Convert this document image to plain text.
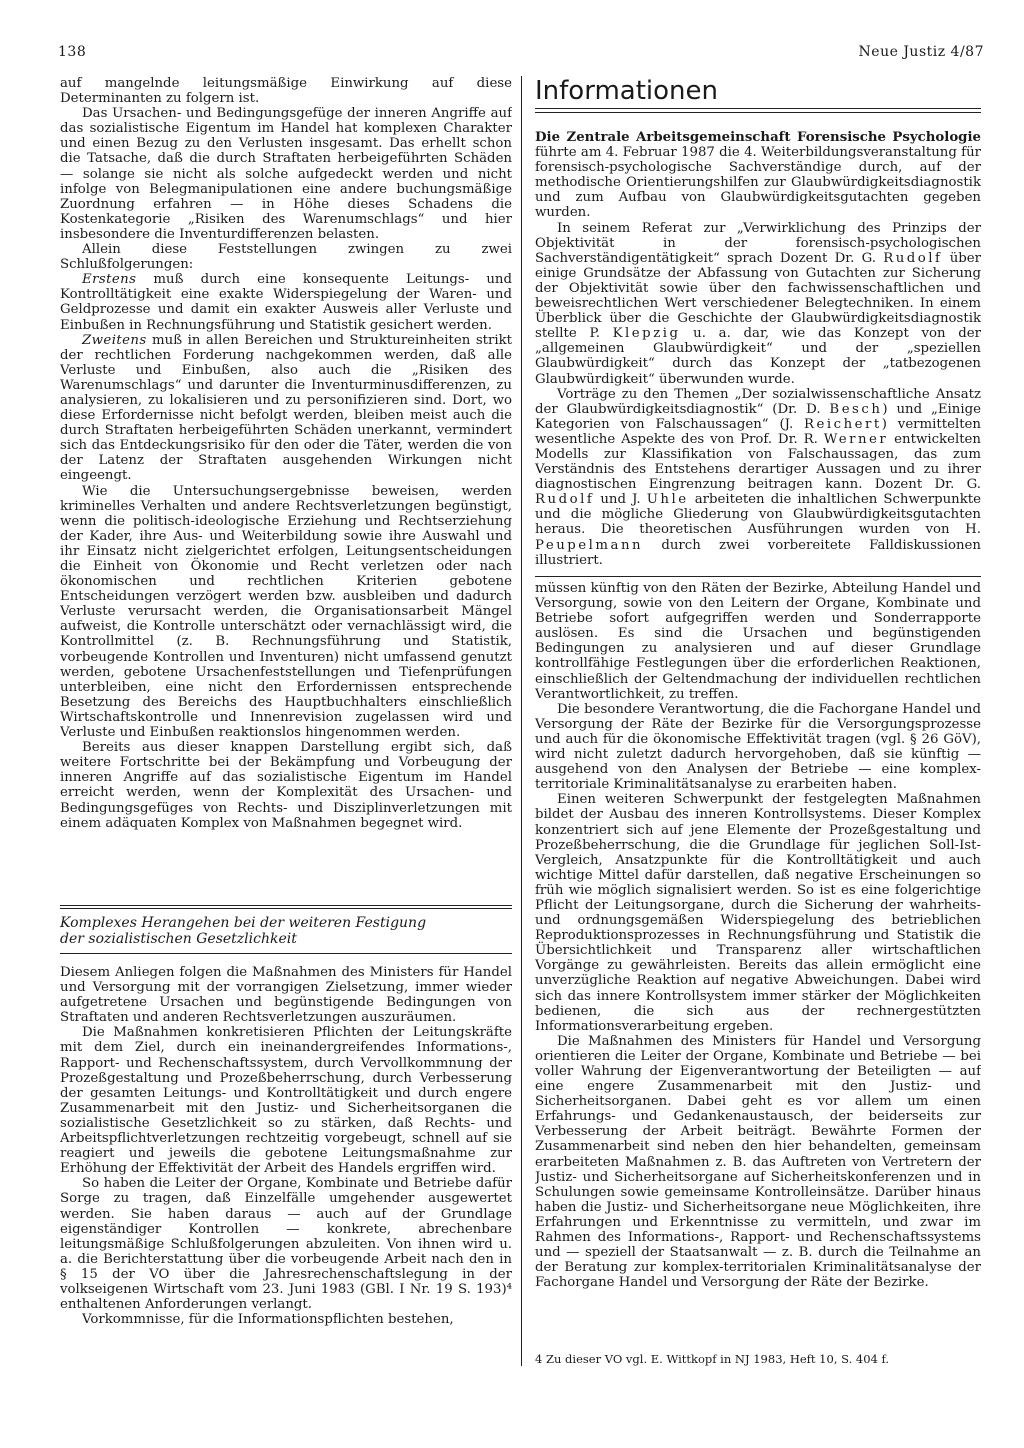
138	Neue Justiz 4/87

auf mangelnde leitungsmäßige Einwirkung auf diese Determinanten zu folgern ist.

Das Ursachen- und Bedingungsgefüge der inneren Angriffe auf das sozialistische Eigentum im Handel hat komplexen Charakter und einen Bezug zu den Verlusten insgesamt. Das erhellt schon die Tatsache, daß die durch Straftaten herbeigeführten Schäden — solange sie nicht als solche aufgedeckt werden und nicht infolge von Belegmanipulationen eine andere buchungsmäßige Zuordnung erfahren — in Höhe dieses Schadens die Kostenkategorie „Risiken des Warenumschlags“ und hier insbesondere die Inventurdifferenzen belasten.

Allein diese Feststellungen zwingen zu zwei Schlußfolgerungen:

Erstens muß durch eine konsequente Leitungs- und Kontrolltätigkeit eine exakte Widerspiegelung der Waren- und Geldprozesse und damit ein exakter Ausweis aller Verluste und Einbußen in Rechnungsführung und Statistik gesichert werden.

Zweitens muß in allen Bereichen und Struktureinheiten strikt der rechtlichen Forderung nachgekommen werden, daß alle Verluste und Einbußen, also auch die „Risiken des Warenumschlags“ und darunter die Inventurminusdifferenzen, zu analysieren, zu lokalisieren und zu personifizieren sind. Dort, wo diese Erfordernisse nicht befolgt werden, bleiben meist auch die durch Straftaten herbeigeführten Schäden unerkannt, vermindert sich das Entdeckungsrisiko für den oder die Täter, werden die von der Latenz der Straftaten ausgehenden Wirkungen nicht eingeengt.

Wie die Untersuchungsergebnisse beweisen, werden kriminelles Verhalten und andere Rechtsverletzungen begünstigt, wenn die politisch-ideologische Erziehung und Rechtserziehung der Kader, ihre Aus- und Weiterbildung sowie ihre Auswahl und ihr Einsatz nicht zielgerichtet erfolgen, Leitungsentscheidungen die Einheit von Ökonomie und Recht verletzen oder nach ökonomischen und rechtlichen Kriterien gebotene Entscheidungen verzögert werden bzw. ausbleiben und dadurch Verluste verursacht werden, die Organisationsarbeit Mängel aufweist, die Kontrolle unterschätzt oder vernachlässigt wird, die Kontrollmittel (z. B. Rechnungsführung und Statistik, vorbeugende Kontrollen und Inventuren) nicht umfassend genutzt werden, gebotene Ursachenfeststellungen und Tiefenprüfungen unterbleiben, eine nicht den Erfordernissen entsprechende Besetzung des Bereichs des Hauptbuchhalters einschließlich Wirtschaftskontrolle und Innenrevision zugelassen wird und Verluste und Einbußen reaktionslos hingenommen werden.

Bereits aus dieser knappen Darstellung ergibt sich, daß weitere Fortschritte bei der Bekämpfung und Vorbeugung der inneren Angriffe auf das sozialistische Eigentum im Handel erreicht werden, wenn der Komplexität des Ursachen- und Bedingungsgefüges von Rechts- und Disziplinverletzungen mit einem adäquaten Komplex von Maßnahmen begegnet wird.

Komplexes Herangehen bei der weiteren Festigung
der sozialistischen Gesetzlichkeit

Diesem Anliegen folgen die Maßnahmen des Ministers für Handel und Versorgung mit der vorrangigen Zielsetzung, immer wieder aufgetretene Ursachen und begünstigende Bedingungen von Straftaten und anderen Rechtsverletzungen auszuräumen.

Die Maßnahmen konkretisieren Pflichten der Leitungskräfte mit dem Ziel, durch ein ineinandergreifendes Informations-, Rapport- und Rechenschaftssystem, durch Vervollkommnung der Prozeßgestaltung und Prozeßbeherrschung, durch Verbesserung der gesamten Leitungs- und Kontrolltätigkeit und durch engere Zusammenarbeit mit den Justiz- und Sicherheitsorganen die sozialistische Gesetzlichkeit so zu stärken, daß Rechts- und Arbeitspflichtverletzungen rechtzeitig vorgebeugt, schnell auf sie reagiert und jeweils die gebotene Leitungsmaßnahme zur Erhöhung der Effektivität der Arbeit des Handels ergriffen wird.

So haben die Leiter der Organe, Kombinate und Betriebe dafür Sorge zu tragen, daß Einzelfälle umgehender ausgewertet werden. Sie haben daraus — auch auf der Grundlage eigenständiger Kontrollen — konkrete, abrechenbare leitungsmäßige Schlußfolgerungen abzuleiten. Von ihnen wird u. a. die Berichterstattung über die vorbeugende Arbeit nach den in § 15 der VO über die Jahresrechenschaftslegung in der volkseigenen Wirtschaft vom 23. Juni 1983 (GBl. I Nr. 19 S. 193)⁴ enthaltenen Anforderungen verlangt.

Vorkommnisse, für die Informationspflichten bestehen,

Informationen

Die Zentrale Arbeitsgemeinschaft Forensische Psychologie führte am 4. Februar 1987 die 4. Weiterbildungsveranstaltung für forensisch-psychologische Sachverständige durch, auf der methodische Orientierungshilfen zur Glaubwürdigkeitsdiagnostik und zum Aufbau von Glaubwürdigkeitsgutachten gegeben wurden.

In seinem Referat zur „Verwirklichung des Prinzips der Objektivität in der forensisch-psychologischen Sachverständigentätigkeit“ sprach Dozent Dr. G. Rudolf über einige Grundsätze der Abfassung von Gutachten zur Sicherung der Objektivität sowie über den fachwissenschaftlichen und beweisrechtlichen Wert verschiedener Belegtechniken. In einem Überblick über die Geschichte der Glaubwürdigkeitsdiagnostik stellte P. Klepzig u. a. dar, wie das Konzept von der „allgemeinen Glaubwürdigkeit“ und der „speziellen Glaubwürdigkeit“ durch das Konzept der „tatbezogenen Glaubwürdigkeit“ überwunden wurde.

Vorträge zu den Themen „Der sozialwissenschaftliche Ansatz der Glaubwürdigkeitsdiagnostik“ (Dr. D. Besch) und „Einige Kategorien von Falschaussagen“ (J. Reichert) vermittelten wesentliche Aspekte des von Prof. Dr. R. Werner entwickelten Modells zur Klassifikation von Falschaussagen, das zum Verständnis des Entstehens derartiger Aussagen und zu ihrer diagnostischen Eingrenzung beitragen kann. Dozent Dr. G. Rudolf und J. Uhle arbeiteten die inhaltlichen Schwerpunkte und die mögliche Gliederung von Glaubwürdigkeitsgutachten heraus. Die theoretischen Ausführungen wurden von H. Peupelmann durch zwei vorbereitete Falldiskussionen illustriert.

müssen künftig von den Räten der Bezirke, Abteilung Handel und Versorgung, sowie von den Leitern der Organe, Kombinate und Betriebe sofort aufgegriffen werden und Sonderrapporte auslösen. Es sind die Ursachen und begünstigenden Bedingungen zu analysieren und auf dieser Grundlage kontrollfähige Festlegungen über die erforderlichen Reaktionen, einschließlich der Geltendmachung der individuellen rechtlichen Verantwortlichkeit, zu treffen.

Die besondere Verantwortung, die die Fachorgane Handel und Versorgung der Räte der Bezirke für die Versorgungsprozesse und auch für die ökonomische Effektivität tragen (vgl. § 26 GöV), wird nicht zuletzt dadurch hervorgehoben, daß sie künftig — ausgehend von den Analysen der Betriebe — eine komplex-territoriale Kriminalitätsanalyse zu erarbeiten haben.

Einen weiteren Schwerpunkt der festgelegten Maßnahmen bildet der Ausbau des inneren Kontrollsystems. Dieser Komplex konzentriert sich auf jene Elemente der Prozeßgestaltung und Prozeßbeherrschung, die die Grundlage für jeglichen Soll-Ist-Vergleich, Ansatzpunkte für die Kontrolltätigkeit und auch wichtige Mittel dafür darstellen, daß negative Erscheinungen so früh wie möglich signalisiert werden. So ist es eine folgerichtige Pflicht der Leitungsorgane, durch die Sicherung der wahrheits- und ordnungsgemäßen Widerspiegelung des betrieblichen Reproduktionsprozesses in Rechnungsführung und Statistik die Übersichtlichkeit und Transparenz aller wirtschaftlichen Vorgänge zu gewährleisten. Bereits das allein ermöglicht eine unverzügliche Reaktion auf negative Abweichungen. Dabei wird sich das innere Kontrollsystem immer stärker der Möglichkeiten bedienen, die sich aus der rechnergestützten Informationsverarbeitung ergeben.

Die Maßnahmen des Ministers für Handel und Versorgung orientieren die Leiter der Organe, Kombinate und Betriebe — bei voller Wahrung der Eigenverantwortung der Beteiligten — auf eine engere Zusammenarbeit mit den Justiz- und Sicherheitsorganen. Dabei geht es vor allem um einen Erfahrungs- und Gedankenaustausch, der beiderseits zur Verbesserung der Arbeit beiträgt. Bewährte Formen der Zusammenarbeit sind neben den hier behandelten, gemeinsam erarbeiteten Maßnahmen z. B. das Auftreten von Vertretern der Justiz- und Sicherheitsorgane auf Sicherheitskonferenzen und in Schulungen sowie gemeinsame Kontrolleinsätze. Darüber hinaus haben die Justiz- und Sicherheitsorgane neue Möglichkeiten, ihre Erfahrungen und Erkenntnisse zu vermitteln, und zwar im Rahmen des Informations-, Rapport- und Rechenschaftssystems und — speziell der Staatsanwalt — z. B. durch die Teilnahme an der Beratung zur komplex-territorialen Kriminalitätsanalyse der Fachorgane Handel und Versorgung der Räte der Bezirke.

4 Zu dieser VO vgl. E. Wittkopf in NJ 1983, Heft 10, S. 404 f.
